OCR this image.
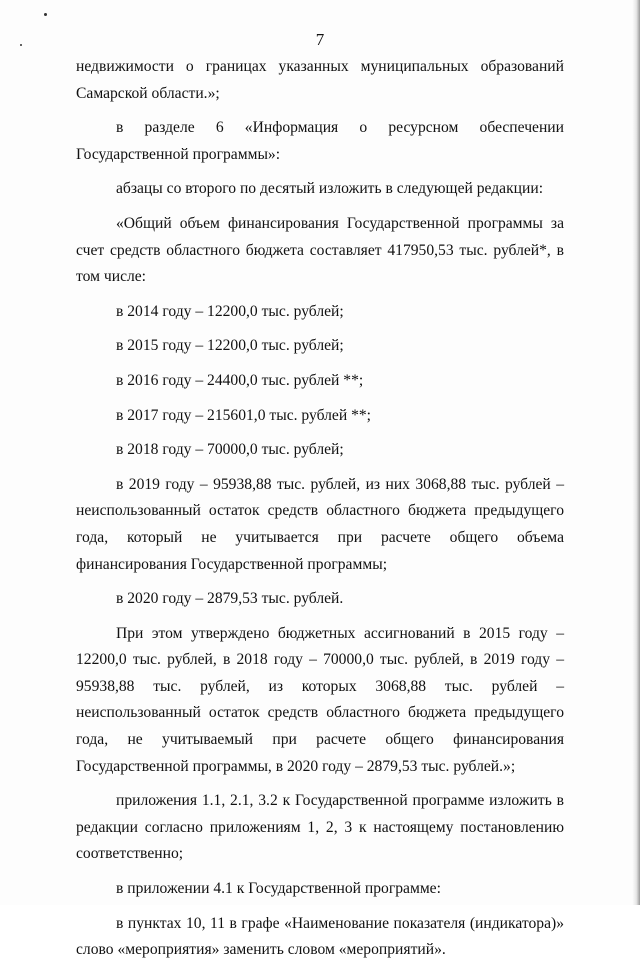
7

недвижимости о границах указанных муниципальных образований Самарской области.»;

в разделе 6 «Информация о ресурсном обеспечении Государственной программы»:

абзацы со второго по десятый изложить в следующей редакции:

«Общий объем финансирования Государственной программы за счет средств областного бюджета составляет 417950,53 тыс. рублей*, в том числе:

в 2014 году – 12200,0 тыс. рублей;

в 2015 году – 12200,0 тыс. рублей;

в 2016 году – 24400,0 тыс. рублей **;

в 2017 году – 215601,0 тыс. рублей **;

в 2018 году – 70000,0 тыс. рублей;

в 2019 году – 95938,88 тыс. рублей, из них 3068,88 тыс. рублей – неиспользованный остаток средств областного бюджета предыдущего года, который не учитывается при расчете общего объема финансирования Государственной программы;

в 2020 году – 2879,53 тыс. рублей.

При этом утверждено бюджетных ассигнований в 2015 году – 12200,0 тыс. рублей, в 2018 году – 70000,0 тыс. рублей, в 2019 году – 95938,88 тыс. рублей, из которых 3068,88 тыс. рублей – неиспользованный остаток средств областного бюджета предыдущего года, не учитываемый при расчете общего финансирования Государственной программы, в 2020 году – 2879,53 тыс. рублей.»;

приложения 1.1, 2.1, 3.2 к Государственной программе изложить в редакции согласно приложениям 1, 2, 3 к настоящему постановлению соответственно;

в приложении 4.1 к Государственной программе:

в пунктах 10, 11 в графе «Наименование показателя (индикатора)» слово «мероприятия» заменить словом «мероприятий».
